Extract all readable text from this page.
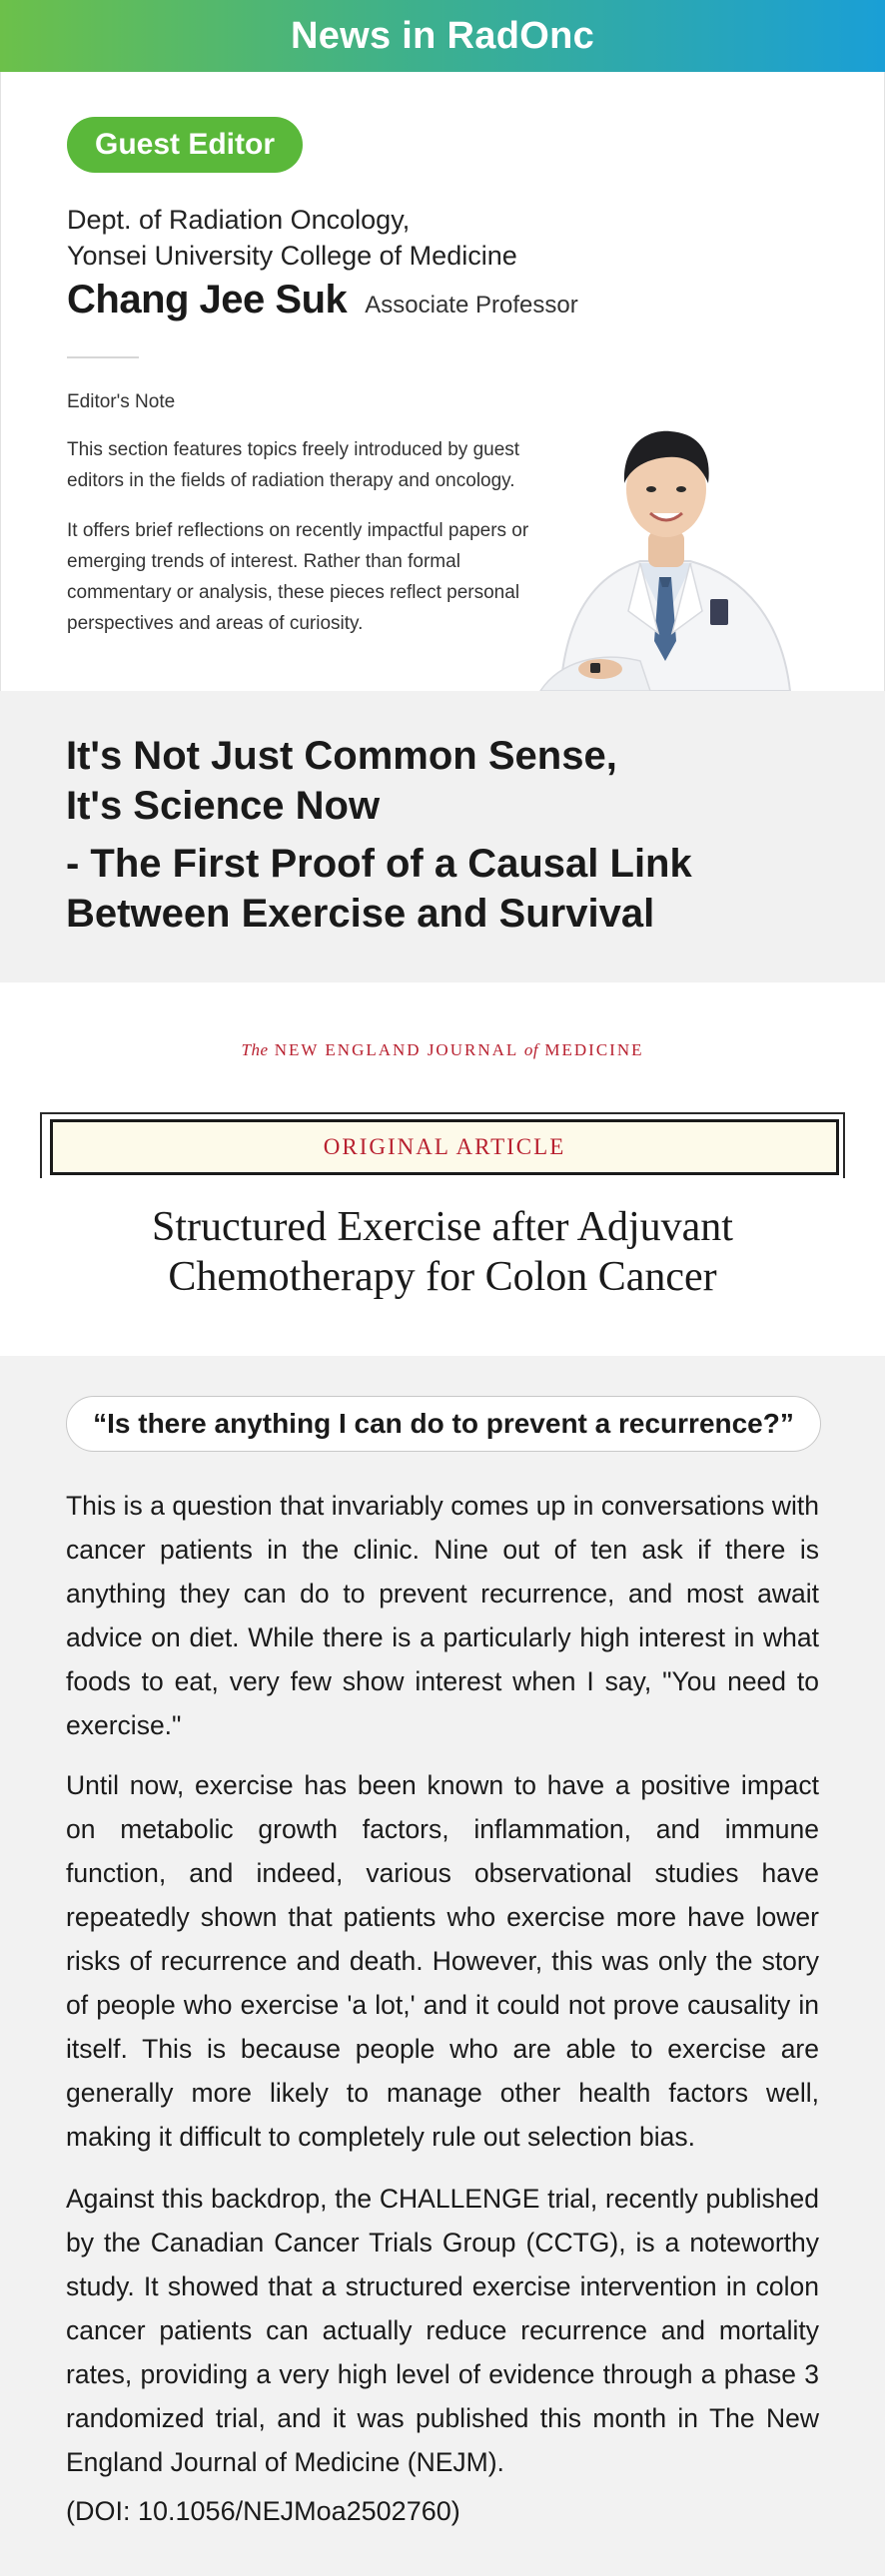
News in RadOnc
Guest Editor
Dept. of Radiation Oncology,
Yonsei University College of Medicine
Chang Jee Suk Associate Professor
Editor's Note

This section features topics freely introduced by guest editors in the fields of radiation therapy and oncology.

It offers brief reflections on recently impactful papers or emerging trends of interest. Rather than formal commentary or analysis, these pieces reflect personal perspectives and areas of curiosity.

It's Not Just Common Sense,
It's Science Now
- The First Proof of a Causal Link
Between Exercise and Survival
The NEW ENGLAND JOURNAL of MEDICINE
ORIGINAL ARTICLE
Structured Exercise after Adjuvant
Chemotherapy for Colon Cancer
“Is there anything I can do to prevent a recurrence?”

This is a question that invariably comes up in conversations with cancer patients in the clinic. Nine out of ten ask if there is anything they can do to prevent recurrence, and most await advice on diet. While there is a particularly high interest in what foods to eat, very few show interest when I say, "You need to exercise."

Until now, exercise has been known to have a positive impact on metabolic growth factors, inflammation, and immune function, and indeed, various observational studies have repeatedly shown that patients who exercise more have lower risks of recurrence and death. However, this was only the story of people who exercise 'a lot,' and it could not prove causality in itself. This is because people who are able to exercise are generally more likely to manage other health factors well, making it difficult to completely rule out selection bias.

Against this backdrop, the CHALLENGE trial, recently published by the Canadian Cancer Trials Group (CCTG), is a noteworthy study. It showed that a structured exercise intervention in colon cancer patients can actually reduce recurrence and mortality rates, providing a very high level of evidence through a phase 3 randomized trial, and it was published this month in The New England Journal of Medicine (NEJM).

(DOI: 10.1056/NEJMoa2502760)
